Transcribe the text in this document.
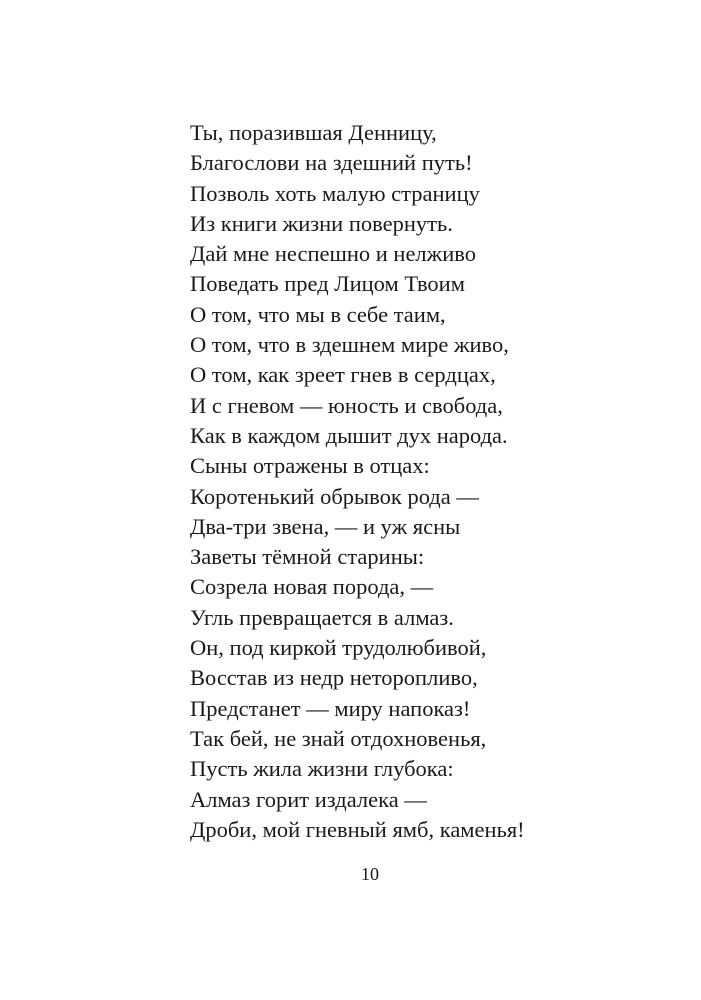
Ты, поразившая Денницу,
Благослови на здешний путь!
Позволь хоть малую страницу
Из книги жизни повернуть.
Дай мне неспешно и нелживо
Поведать пред Лицом Твоим
О том, что мы в себе таим,
О том, что в здешнем мире живо,
О том, как зреет гнев в сердцах,
И с гневом — юность и свобода,
Как в каждом дышит дух народа.
Сыны отражены в отцах:
Коротенький обрывок рода —
Два-три звена, — и уж ясны
Заветы тёмной старины:
Созрела новая порода, —
Угль превращается в алмаз.
Он, под киркой трудолюбивой,
Восстав из недр неторопливо,
Предстанет — миру напоказ!
Так бей, не знай отдохновенья,
Пусть жила жизни глубока:
Алмаз горит издалека —
Дроби, мой гневный ямб, каменья!
10
